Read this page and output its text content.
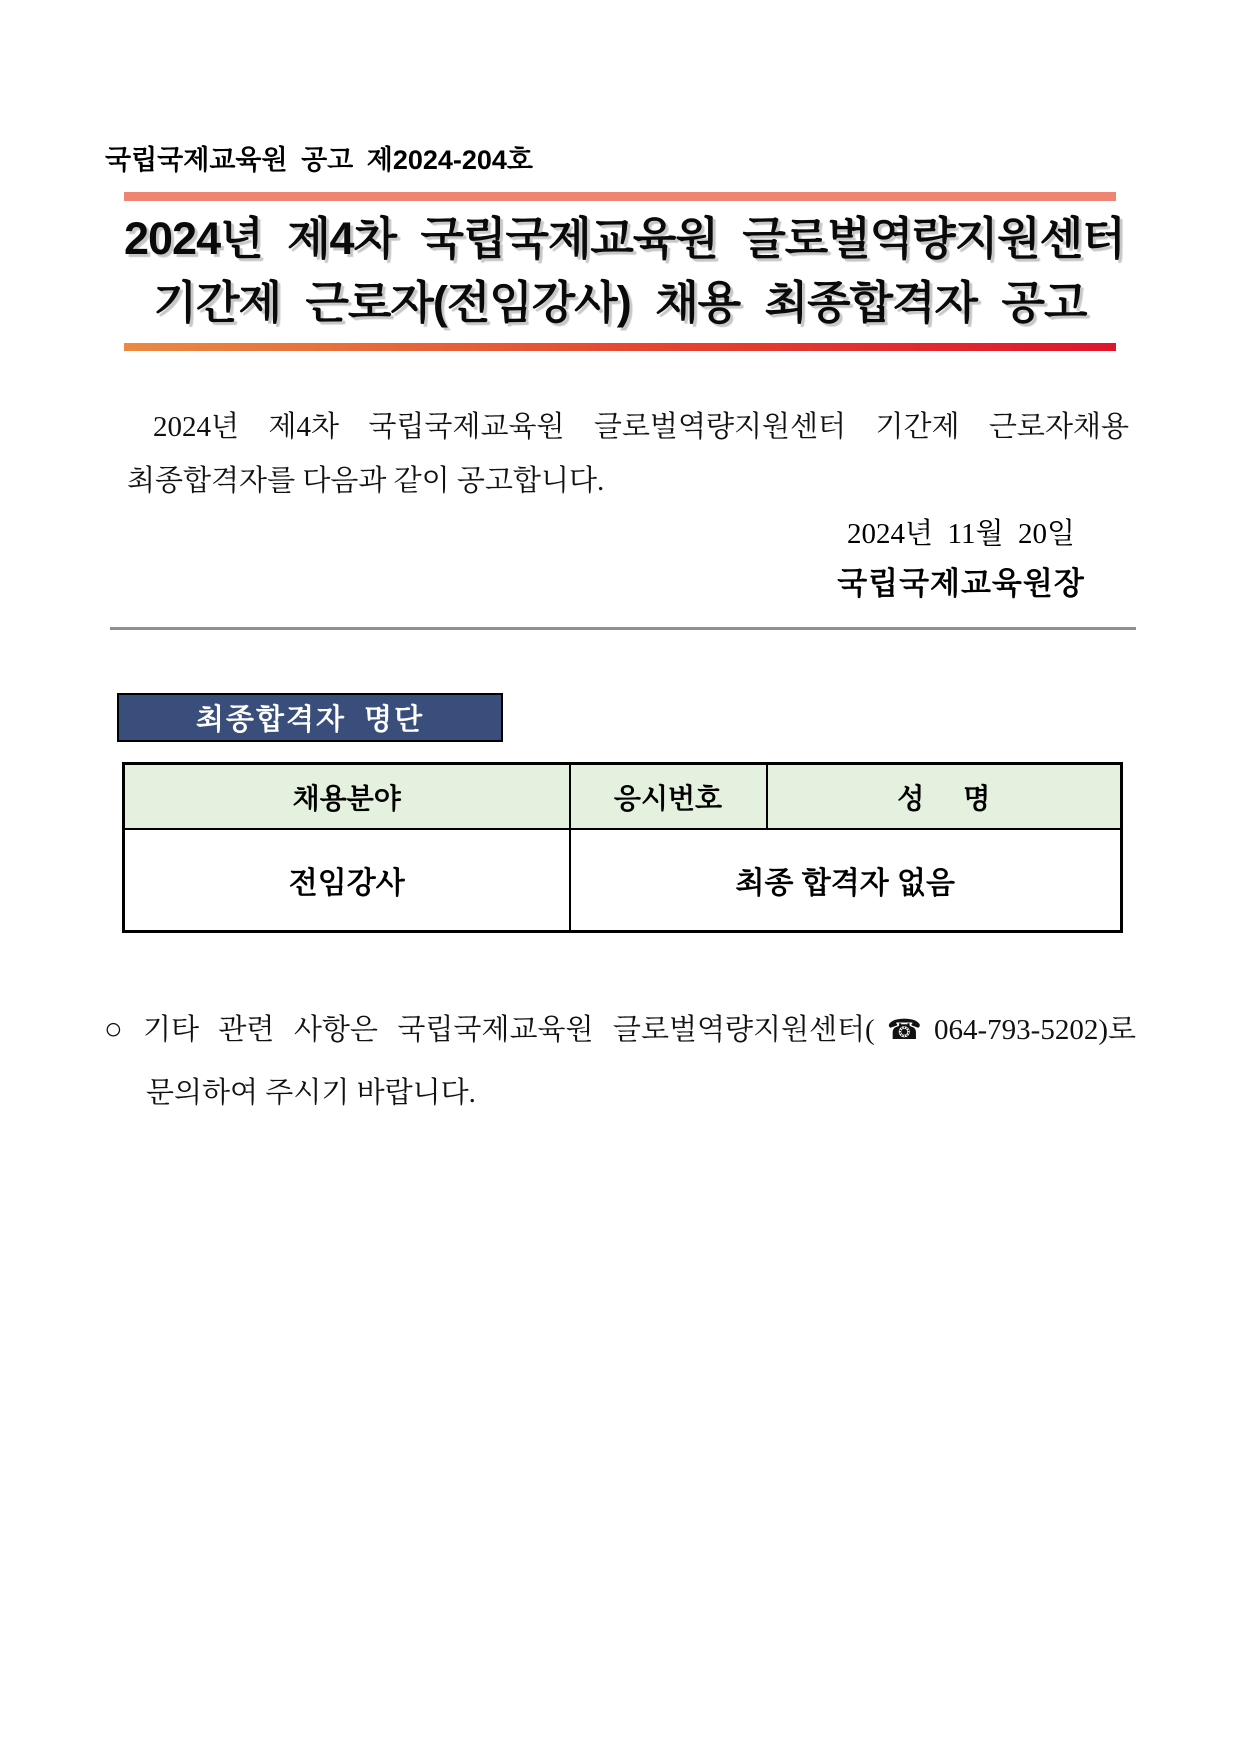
국립국제교육원 공고 제2024-204호
2024년 제4차 국립국제교육원 글로벌역량지원센터
기간제 근로자(전임강사) 채용 최종합격자 공고
2024년 제4차 국립국제교육원 글로벌역량지원센터 기간제 근로자채용
최종합격자를 다음과 같이 공고합니다.
2024년  11월  20일
국립국제교육원장
최종합격자 명단
채용분야	응시번호	성     명
전임강사	최종 합격자 없음	
○ 기타 관련 사항은 국립국제교육원 글로벌역량지원센터(☎064-793-5202)로
문의하여 주시기 바랍니다.
